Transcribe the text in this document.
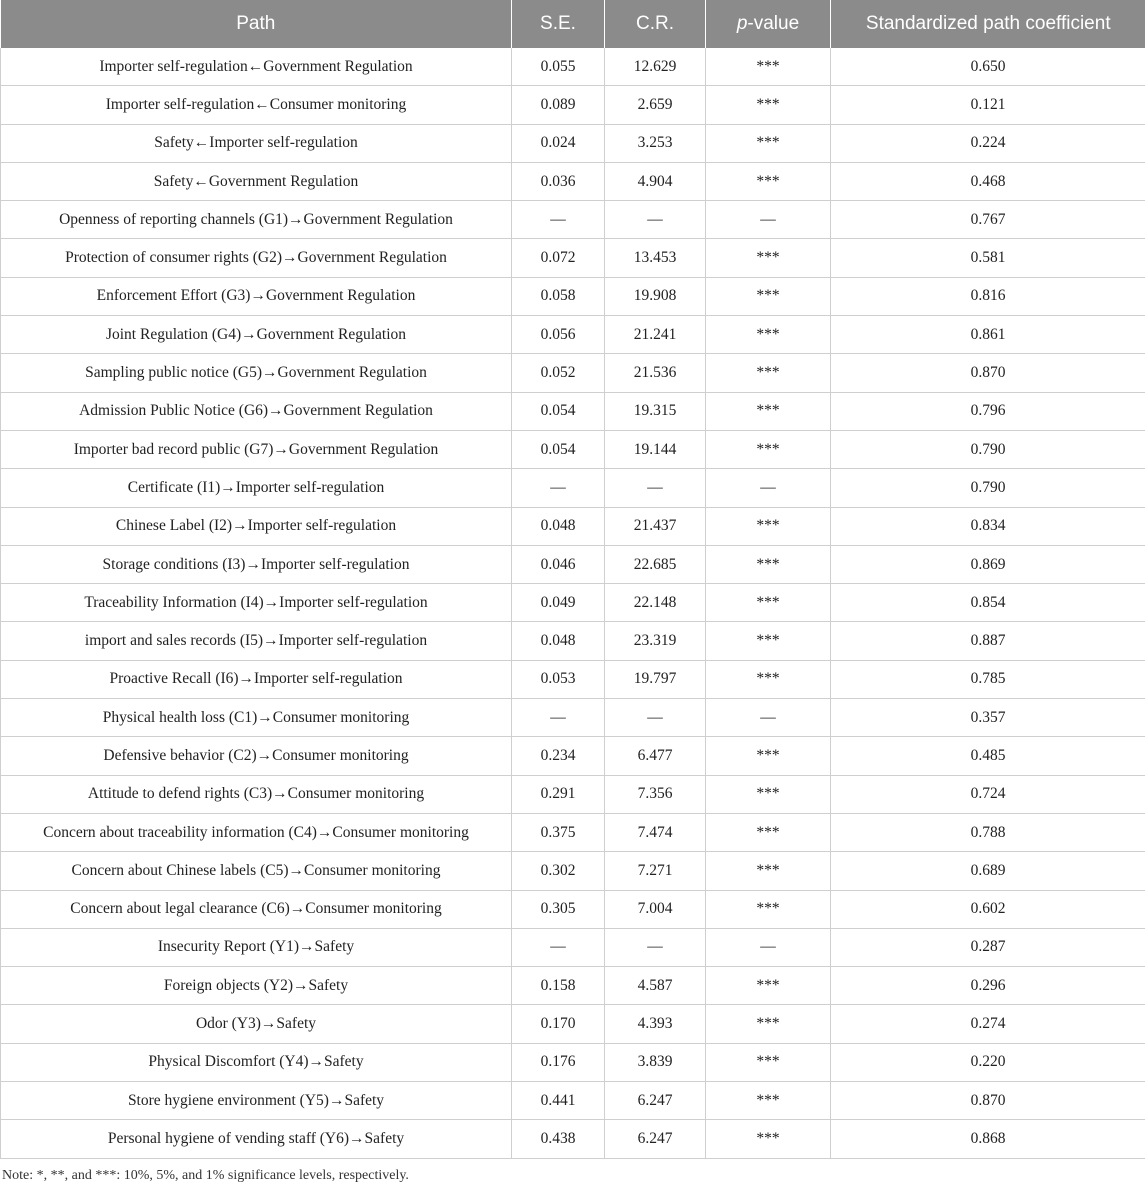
Path	S.E.	C.R.	p-value	Standardized path coefficient
Importer self-regulation←Government Regulation	0.055	12.629	***	0.650
Importer self-regulation←Consumer monitoring	0.089	2.659	***	0.121
Safety←Importer self-regulation	0.024	3.253	***	0.224
Safety←Government Regulation	0.036	4.904	***	0.468
Openness of reporting channels (G1)→Government Regulation	—	—	—	0.767
Protection of consumer rights (G2)→Government Regulation	0.072	13.453	***	0.581
Enforcement Effort (G3)→Government Regulation	0.058	19.908	***	0.816
Joint Regulation (G4)→Government Regulation	0.056	21.241	***	0.861
Sampling public notice (G5)→Government Regulation	0.052	21.536	***	0.870
Admission Public Notice (G6)→Government Regulation	0.054	19.315	***	0.796
Importer bad record public (G7)→Government Regulation	0.054	19.144	***	0.790
Certificate (I1)→Importer self-regulation	—	—	—	0.790
Chinese Label (I2)→Importer self-regulation	0.048	21.437	***	0.834
Storage conditions (I3)→Importer self-regulation	0.046	22.685	***	0.869
Traceability Information (I4)→Importer self-regulation	0.049	22.148	***	0.854
import and sales records (I5)→Importer self-regulation	0.048	23.319	***	0.887
Proactive Recall (I6)→Importer self-regulation	0.053	19.797	***	0.785
Physical health loss (C1)→Consumer monitoring	—	—	—	0.357
Defensive behavior (C2)→Consumer monitoring	0.234	6.477	***	0.485
Attitude to defend rights (C3)→Consumer monitoring	0.291	7.356	***	0.724
Concern about traceability information (C4)→Consumer monitoring	0.375	7.474	***	0.788
Concern about Chinese labels (C5)→Consumer monitoring	0.302	7.271	***	0.689
Concern about legal clearance (C6)→Consumer monitoring	0.305	7.004	***	0.602
Insecurity Report (Y1)→Safety	—	—	—	0.287
Foreign objects (Y2)→Safety	0.158	4.587	***	0.296
Odor (Y3)→Safety	0.170	4.393	***	0.274
Physical Discomfort (Y4)→Safety	0.176	3.839	***	0.220
Store hygiene environment (Y5)→Safety	0.441	6.247	***	0.870
Personal hygiene of vending staff (Y6)→Safety	0.438	6.247	***	0.868
Note: *, **, and ***: 10%, 5%, and 1% significance levels, respectively.
